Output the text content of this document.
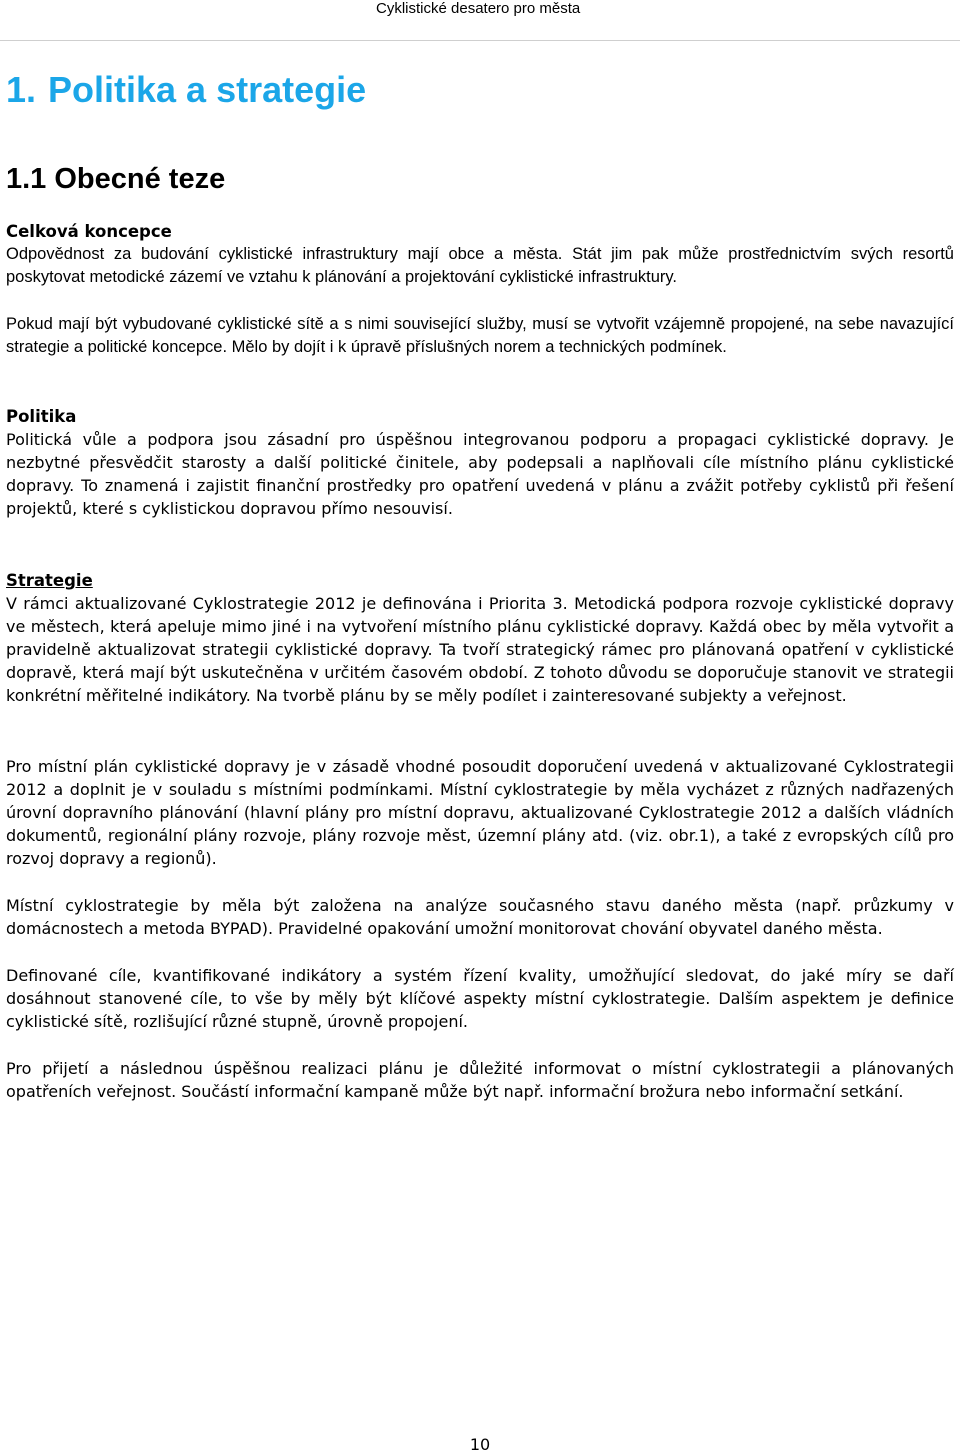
Cyklistické desatero pro města
1. Politika a strategie
1.1 Obecné teze
Celková koncepce

Odpovědnost za budování cyklistické infrastruktury mají obce a města. Stát jim pak může prostřednictvím svých resortů poskytovat metodické zázemí ve vztahu k plánování a projektování cyklistické infrastruktury.

Pokud mají být vybudované cyklistické sítě a s nimi související služby, musí se vytvořit vzájemně propojené, na sebe navazující strategie a politické koncepce. Mělo by dojít i k úpravě příslušných norem a technických podmínek.

Politika

Politická vůle a podpora jsou zásadní pro úspěšnou integrovanou podporu a propagaci cyklistické dopravy. Je nezbytné přesvědčit starosty a další politické činitele, aby podepsali a naplňovali cíle místního plánu cyklistické dopravy. To znamená i zajistit finanční prostředky pro opatření uvedená v plánu a zvážit potřeby cyklistů při řešení projektů, které s cyklistickou dopravou přímo nesouvisí.

Strategie

V rámci aktualizované Cyklostrategie 2012 je definována i Priorita 3. Metodická podpora rozvoje cyklistické dopravy ve městech, která apeluje mimo jiné i na vytvoření místního plánu cyklistické dopravy. Každá obec by měla vytvořit a pravidelně aktualizovat strategii cyklistické dopravy. Ta tvoří strategický rámec pro plánovaná opatření v cyklistické dopravě, která mají být uskutečněna v určitém časovém období. Z tohoto důvodu se doporučuje stanovit ve strategii konkrétní měřitelné indikátory. Na tvorbě plánu by se měly podílet i zainteresované subjekty a veřejnost.

Pro místní plán cyklistické dopravy je v zásadě vhodné posoudit doporučení uvedená v aktualizované Cyklostrategii 2012 a doplnit je v souladu s místními podmínkami. Místní cyklostrategie by měla vycházet z různých nadřazených úrovní dopravního plánování (hlavní plány pro místní dopravu, aktualizované Cyklostrategie 2012 a dalších vládních dokumentů, regionální plány rozvoje, plány rozvoje měst, územní plány atd. (viz. obr.1), a také z evropských cílů pro rozvoj dopravy a regionů).

Místní cyklostrategie by měla být založena na analýze současného stavu daného města (např. průzkumy v domácnostech a metoda BYPAD). Pravidelné opakování umožní monitorovat chování obyvatel daného města.

Definované cíle, kvantifikované indikátory a systém řízení kvality, umožňující sledovat, do jaké míry se daří dosáhnout stanovené cíle, to vše by měly být klíčové aspekty místní cyklostrategie. Dalším aspektem je definice cyklistické sítě, rozlišující různé stupně, úrovně propojení.

Pro přijetí a následnou úspěšnou realizaci plánu je důležité informovat o místní cyklostrategii a plánovaných opatřeních veřejnost. Součástí informační kampaně může být např. informační brožura nebo informační setkání.

10
